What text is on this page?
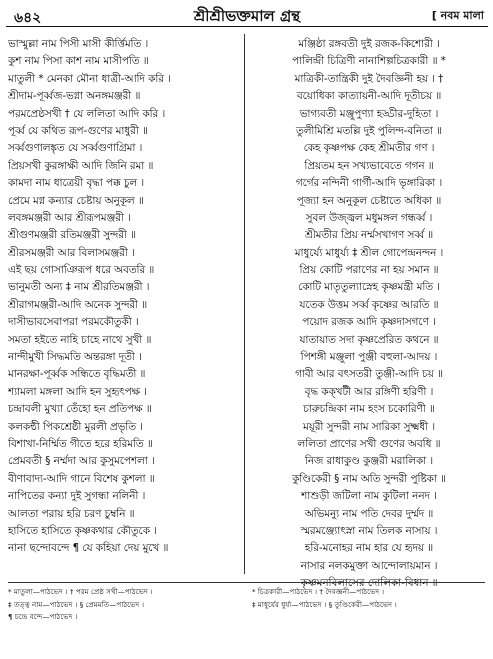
৬৪২	শ্রীশ্রীভক্তমাল গ্রন্থ	[ নবম মালা
ভাস্মুল্লা নাম পিসী মাসী কীর্ত্তিমতি ।
কুশ নাম পিসা কাশ নাম মাসীপতি ॥
মাতুলী * মেনকা মৌনা ধাত্রী-আদি করি ।
শ্রীদাম-পূর্ব্বজ-ভগ্না অনঙ্গমঞ্জরী ॥
পরমপ্রেষ্ঠসখী † যে ললিতা আদি করি ।
পূর্ব্ব যে কথিত রূপ-গুণের মাধুরী ॥
সর্ব্বগুণালঙ্কৃত যে সর্ব্বগুণাগ্রিমা ।
প্রিয়সখী কুরঙ্গাক্ষী আদি জিনি রমা ॥
কামদা নাম ধাত্রেয়ী বৃদ্ধা পক্ক চুল ।
প্রেমে মগ্ন কন্যার চেষ্টায় অনুকূল ॥
লবঙ্গমঞ্জরী আর শ্রীরূপমঞ্জরী ।
শ্রীগুণমঞ্জরী রতিমঞ্জরী সুন্দরী ॥
শ্রীরসমঞ্জরী আর বিলাসমঞ্জরী ।
এই ছয় গোসাঞিরূপ ধরে অবতরি ॥
ভানুমতী অন্য ‡ নাম শ্রীরতিমঞ্জরী ।
শ্রীরাগমঞ্জরী-আদি অনেক সুন্দরী ॥
দাসীভাবসেবাপরা পরমকৌতুকী ।
সমতা হইতে নাহি চাহে নাথে সুখী ॥
নান্দীমুখী সিদ্ধমতি অন্তরঙ্গা দূতী ।
মানরক্ষা-পূর্ব্বক সন্ধিতে বৃদ্ধিমতী ॥
শ্যামলা মঙ্গলা আদি হন সুহৃৎপক্ষ ।
চন্দ্রাবলী মুখ্যা তেঁহো হন প্রতিপক্ষ ॥
কলকন্ঠী পিকশ্রেষ্ঠী মুরলী প্রভৃতি ।
বিশাখা-নির্ম্মিত গীতে হরে হরিমতি ॥
প্রেমবতী § নর্ম্মদা আর কুসুমপেশলা ।
বীণাবাদ্য-আদি গানে বিশেষ কুশলা ॥
নাপিতের কন্যা দুই সুগন্ধা নলিনী ।
আলতা পরায় হরি চরণ চুম্বনি ॥
হাসিতে হাসিতে কৃষ্ণকথার কৌতুকে ।
নানা ছন্দোবন্দে ¶ যে কহিয়া দেয় মুখে ॥
মঞ্জিষ্ঠা রঙ্গবতী দুই রজক-কিশোরী ।
পালিন্দ্রী চিত্রিণী নানাশিল্পচিত্রকারী ॥ *
মাত্রিকী-তান্ত্রিকী দুই দৈবজ্ঞিনী হয় । †
বয়োধিকা কাত্যায়নী-আদি দূতীচয় ॥
ভাগ্যবতী মঞ্জুপুণ্যা হড্ডীর-দুহিতা ।
তুলীমিশ্রি মতল্লি দুই পুলিন্দ-বনিতা ॥
কেহ কৃষ্ণপক্ষ কেহ শ্রীমতীর গণ ।
প্রিয়তম হন সখ্যভাবেতে গগন ॥
গর্গের নন্দিনী গার্গী-আদি ভৃঙ্গারিকা ।
পূজ্যা হন অনুকূল চেষ্টাতে অধিকা ॥
সুবল উজ্জ্বল মধুমঙ্গল গন্ধর্ব্ব ।
শ্রীমতীর প্রিয় নর্ম্মসখাগণ সর্ব্ব ॥
মাধুর্য্যে মাধুর্য্য ‡ শ্রীল গোপেন্দ্রনন্দন ।
প্রিয় কোটি পরাণের না হয় সমান ॥
কোটি মাতৃতুল্যাস্নেহ কৃষ্ণমন্ত্রী মতি ।
যতেক উত্তম সর্ব্ব কৃষ্ণের আরতি ॥
পয়োদ রজক আদি কৃষ্ণদাসগণে ।
যাতায়াত সদা কৃষ্ণপ্রেরিত কথনে ॥
পিশঙ্গী মঞ্জুলা পুঞ্জী বহুলা-আদয় ।
গাবী আর বৎসতরী তুঞ্জী-আদি চয় ॥
বৃদ্ধ কক্খটী আর রঙ্গিণী হরিণী ।
চারুচন্দ্রিকা নাম হংস চকোরিণী ॥
ময়ূরী সুন্দরী নাম সারিকা সুক্ষ্মধী ।
ললিতা প্রাণের সখী গুণের অবধি ॥
নিজ রাধাকুণ্ড কুঞ্জরী মরালিকা ।
কুণ্ডিকেরী § নাম অতি সুন্দরী পুষ্টিকা ॥
শাশুড়ী জটিলা নাম কুটিলা ননদ ।
অভিমন্যু নাম পতি দেবর দুর্ম্মদ ॥
স্মরমঞ্জ্যোৎস্না নাম তিলক নাসায় ।
হরি-মনোহর নাম হার যে হৃদয় ॥
নাসার নলকমুক্তা আন্দোলায়মান ।
কৃষ্ণমনবিলাসের দোলিকা-বিধান ॥
* মাতুলা—পাঠভেদ । † পরম প্রেষ্ঠ সখী—পাঠভেদ ।
‡ তত্ত্ব নাম—পাঠভেদ । § প্রেমমতি—পাঠভেদ ।
¶ চন্দ্রে বন্দে—পাঠভেদ ।
* চিত্রকারী—পাঠভেদ । † দৈবজ্ঞনী—পাঠভেদ ।
‡ মাধুর্যের ধুর্য্য—পাঠভেদ । § তুণ্ডিকেরী—পাঠভেদ ।
